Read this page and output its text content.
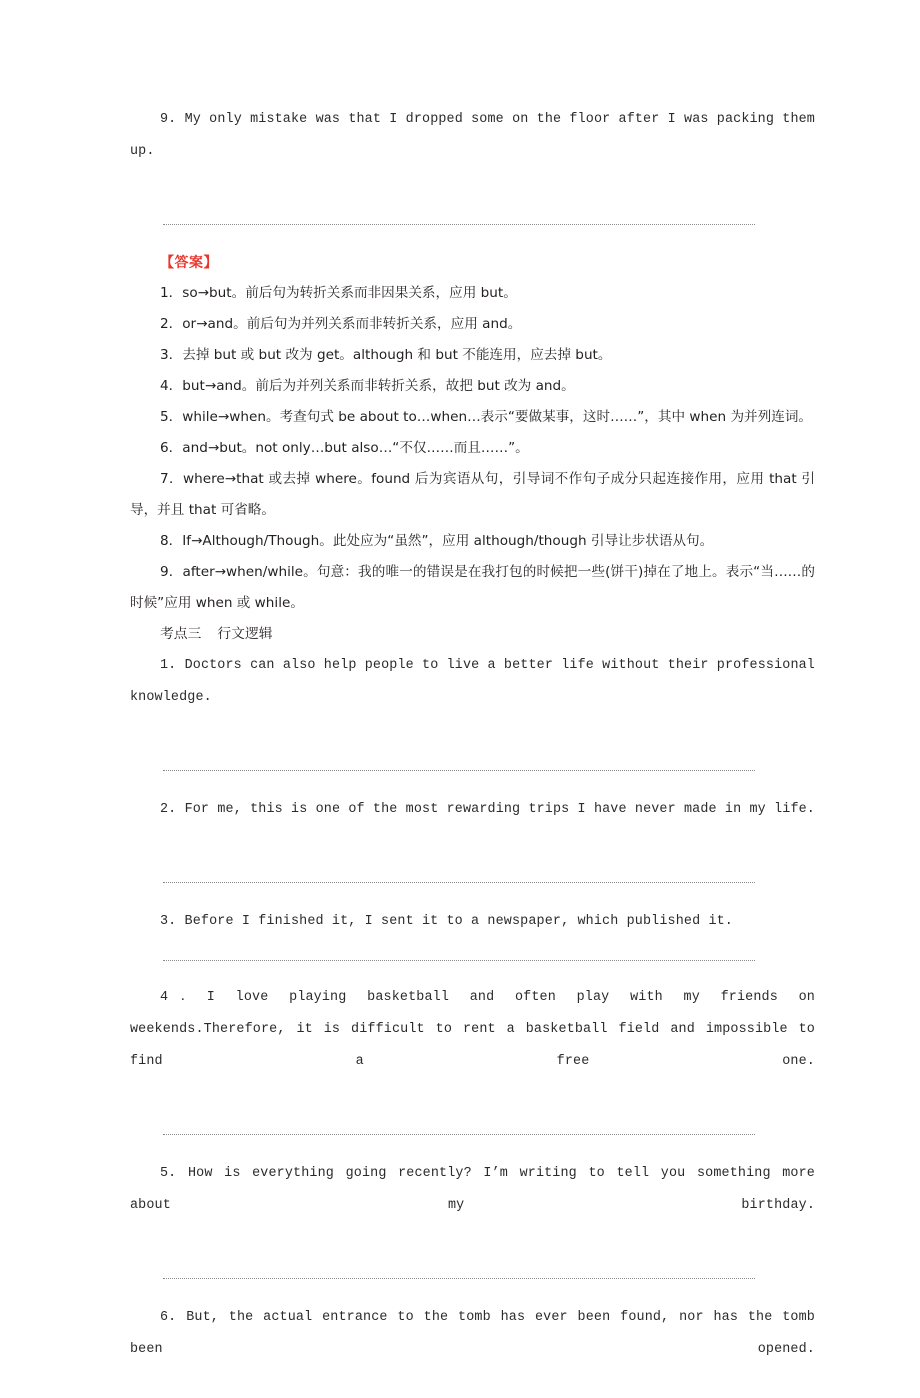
9. My only mistake was that I dropped some on the floor after I was packing them up.

【答案】

1．so→but。前后句为转折关系而非因果关系，应用 but。

2．or→and。前后句为并列关系而非转折关系，应用 and。

3．去掉 but 或 but 改为 get。although 和 but 不能连用，应去掉 but。

4．but→and。前后为并列关系而非转折关系，故把 but 改为 and。

5．while→when。考查句式 be about to…when…表示“要做某事，这时……”，其中 when 为并列连词。

6．and→but。not only…but also…“不仅……而且……”。

7．where→that 或去掉 where。found 后为宾语从句，引导词不作句子成分只起连接作用，应用 that 引导，并且 that 可省略。

8．If→Although/Though。此处应为“虽然”，应用 although/though 引导让步状语从句。

9．after→when/while。句意：我的唯一的错误是在我打包的时候把一些(饼干)掉在了地上。表示“当……的时候”应用 when 或 while。

考点三 行文逻辑

1. Doctors can also help people to live a better life without their professional knowledge.

2. For me, this is one of the most rewarding trips I have never made in my life.

3. Before I finished it, I sent it to a newspaper, which published it.

4．I love playing basketball and often play with my friends on weekends.Therefore, it is difficult to rent a basketball field and impossible to find a free one.

5. How is everything going recently? I’m writing to tell you something more about my birthday.

6. But, the actual entrance to the tomb has ever been found, nor has the tomb been opened.
